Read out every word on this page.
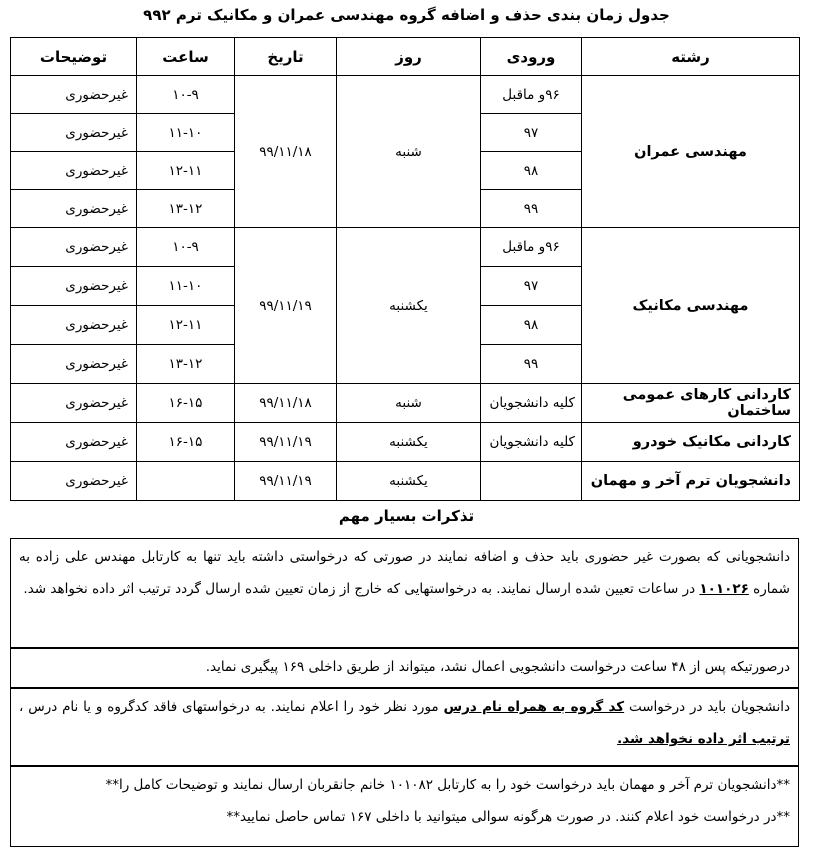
جدول زمان بندی حذف و اضافه گروه مهندسی عمران و مکانیک ترم ۹۹۲
رشته	ورودی	روز	تاریخ	ساعت	توضیحات
مهندسی عمران	۹۶و ماقبل	شنبه	۹۹/۱۱/۱۸	۱۰-۹	غیرحضوری
	۹۷			۱۱-۱۰	غیرحضوری
	۹۸			۱۲-۱۱	غیرحضوری
	۹۹			۱۳-۱۲	غیرحضوری
مهندسی مکانیک	۹۶و ماقبل	یکشنبه	۹۹/۱۱/۱۹	۱۰-۹	غیرحضوری
	۹۷			۱۱-۱۰	غیرحضوری
	۹۸			۱۲-۱۱	غیرحضوری
	۹۹			۱۳-۱۲	غیرحضوری
کاردانی کارهای عمومی ساختمان	کلیه دانشجویان	شنبه	۹۹/۱۱/۱۸	۱۶-۱۵	غیرحضوری
کاردانی مکانیک خودرو	کلیه دانشجویان	یکشنبه	۹۹/۱۱/۱۹	۱۶-۱۵	غیرحضوری
دانشجویان ترم آخر و مهمان		یکشنبه	۹۹/۱۱/۱۹		غیرحضوری
تذکرات بسیار مهم
دانشجویانی که بصورت غیر حضوری باید حذف و اضافه نمایند در صورتی که درخواستی داشته باید تنها به کارتابل مهندس علی زاده به شماره ۱۰۱۰۲۶ در ساعات تعیین شده ارسال نمایند. به درخواستهایی که خارج از زمان تعیین شده ارسال گردد ترتیب اثر داده نخواهد شد.
درصورتیکه پس از ۴۸ ساعت درخواست دانشجویی اعمال نشد، میتواند از طریق داخلی ۱۶۹ پیگیری نماید.
دانشجویان باید در درخواست کد گروه به همراه نام درس مورد نظر خود را اعلام نمایند. به درخواستهای فاقد کدگروه و یا نام درس ، ترتیب اثر داده نخواهد شد.
**دانشجویان ترم آخر و مهمان باید درخواست خود را به کارتابل ۱۰۱۰۸۲ خانم جانقربان ارسال نمایند و توضیحات کامل را**
**در درخواست خود اعلام کنند. در صورت هرگونه سوالی میتوانید با داخلی ۱۶۷ تماس حاصل نمایید**
